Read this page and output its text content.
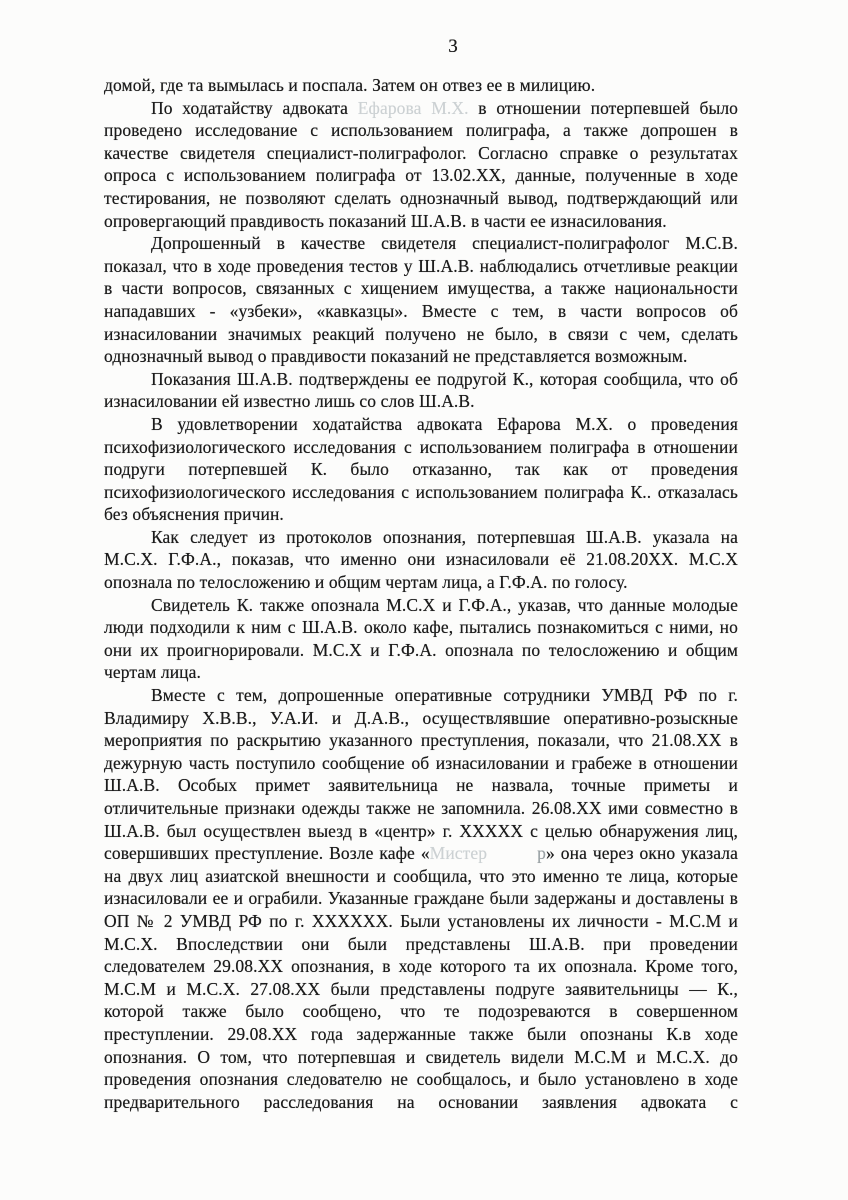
3

домой, где та вымылась и поспала. Затем он отвез ее в милицию.

По ходатайству адвоката Ефарова М.Х. в отношении потерпевшей было проведено исследование с использованием полиграфа, а также допрошен в качестве свидетеля специалист-полиграфолог. Согласно справке о результатах опроса с использованием полиграфа от 13.02.ХХ, данные, полученные в ходе тестирования, не позволяют сделать однозначный вывод, подтверждающий или опровергающий правдивость показаний Ш.А.В. в части ее изнасилования.

Допрошенный в качестве свидетеля специалист-полиграфолог М.С.В. показал, что в ходе проведения тестов у Ш.А.В. наблюдались отчетливые реакции в части вопросов, связанных с хищением имущества, а также национальности нападавших - «узбеки», «кавказцы». Вместе с тем, в части вопросов об изнасиловании значимых реакций получено не было, в связи с чем, сделать однозначный вывод о правдивости показаний не представляется возможным.

Показания Ш.А.В. подтверждены ее подругой К., которая сообщила, что об изнасиловании ей известно лишь со слов Ш.А.В.

В удовлетворении ходатайства адвоката Ефарова М.Х. о проведения психофизиологического исследования с использованием полиграфа в отношении подруги потерпевшей К. было отказанно, так как от проведения психофизиологического исследования с использованием полиграфа К.. отказалась без объяснения причин.

Как следует из протоколов опознания, потерпевшая Ш.А.В. указала на М.С.Х. Г.Ф.А., показав, что именно они изнасиловали её 21.08.20ХХ. М.С.Х опознала по телосложению и общим чертам лица, а Г.Ф.А. по голосу.

Свидетель К. также опознала М.С.Х и Г.Ф.А., указав, что данные молодые люди подходили к ним с Ш.А.В. около кафе, пытались познакомиться с ними, но они их проигнорировали. М.С.Х и Г.Ф.А. опознала по телосложению и общим чертам лица.

Вместе с тем, допрошенные оперативные сотрудники УМВД РФ по г. Владимиру Х.В.В., У.А.И. и Д.А.В., осуществлявшие оперативно-розыскные мероприятия по раскрытию указанного преступления, показали, что 21.08.ХХ в дежурную часть поступило сообщение об изнасиловании и грабеже в отношении Ш.А.В. Особых примет заявительница не назвала, точные приметы и отличительные признаки одежды также не запомнила. 26.08.ХХ ими совместно в Ш.А.В. был осуществлен выезд в «центр» г. ХХХХХ с целью обнаружения лиц, совершивших преступление. Возле кафе «Мистер	р» она через окно указала на двух лиц азиатской внешности и сообщила, что это именно те лица, которые изнасиловали ее и ограбили. Указанные граждане были задержаны и доставлены в ОП № 2 УМВД РФ по г. ХХХХХХ. Были установлены их личности - М.С.М и М.С.Х. Впоследствии они были представлены Ш.А.В. при проведении следователем 29.08.ХХ опознания, в ходе которого та их опознала. Кроме того, М.С.М и М.С.Х. 27.08.ХХ были представлены подруге заявительницы — К., которой также было сообщено, что те подозреваются в совершенном преступлении. 29.08.ХХ года задержанные также были опознаны К.в ходе опознания. О том, что потерпевшая и свидетель видели М.С.М и М.С.Х. до проведения опознания следователю не сообщалось, и было установлено в ходе предварительного расследования на основании заявления адвоката с
